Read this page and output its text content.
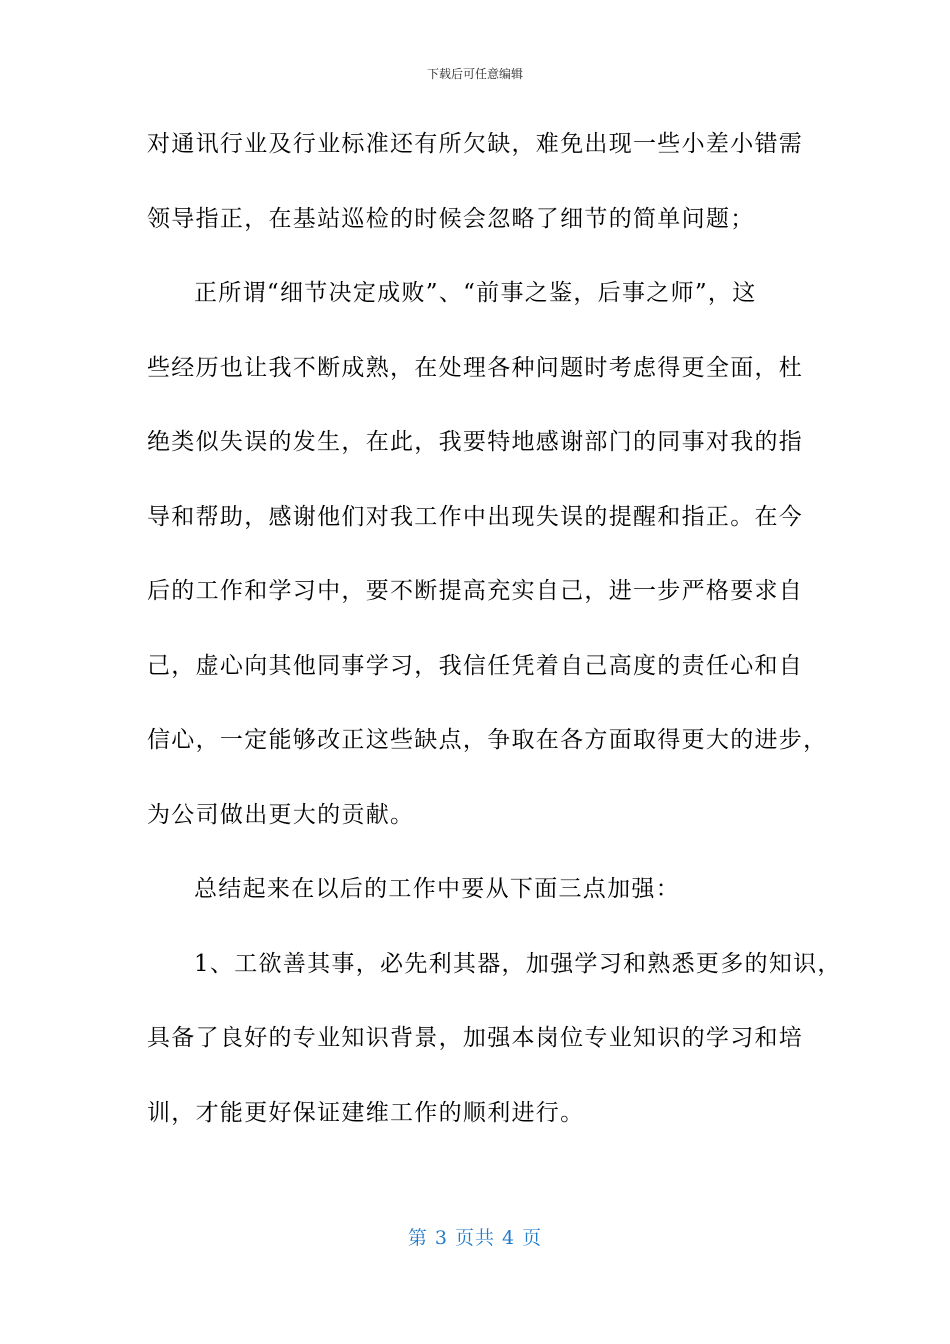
下载后可任意编辑
对通讯行业及行业标准还有所欠缺，难免出现一些小差小错需
领导指正，在基站巡检的时候会忽略了细节的简单问题；
正所谓“细节决定成败”、“前事之鉴，后事之师”，这
些经历也让我不断成熟，在处理各种问题时考虑得更全面，杜
绝类似失误的发生，在此，我要特地感谢部门的同事对我的指
导和帮助，感谢他们对我工作中出现失误的提醒和指正。在今
后的工作和学习中，要不断提高充实自己，进一步严格要求自
己，虚心向其他同事学习，我信任凭着自己高度的责任心和自
信心，一定能够改正这些缺点，争取在各方面取得更大的进步，
为公司做出更大的贡献。
总结起来在以后的工作中要从下面三点加强：
1、工欲善其事，必先利其器，加强学习和熟悉更多的知识，
具备了良好的专业知识背景，加强本岗位专业知识的学习和培
训，才能更好保证建维工作的顺利进行。
第 3 页共 4 页
